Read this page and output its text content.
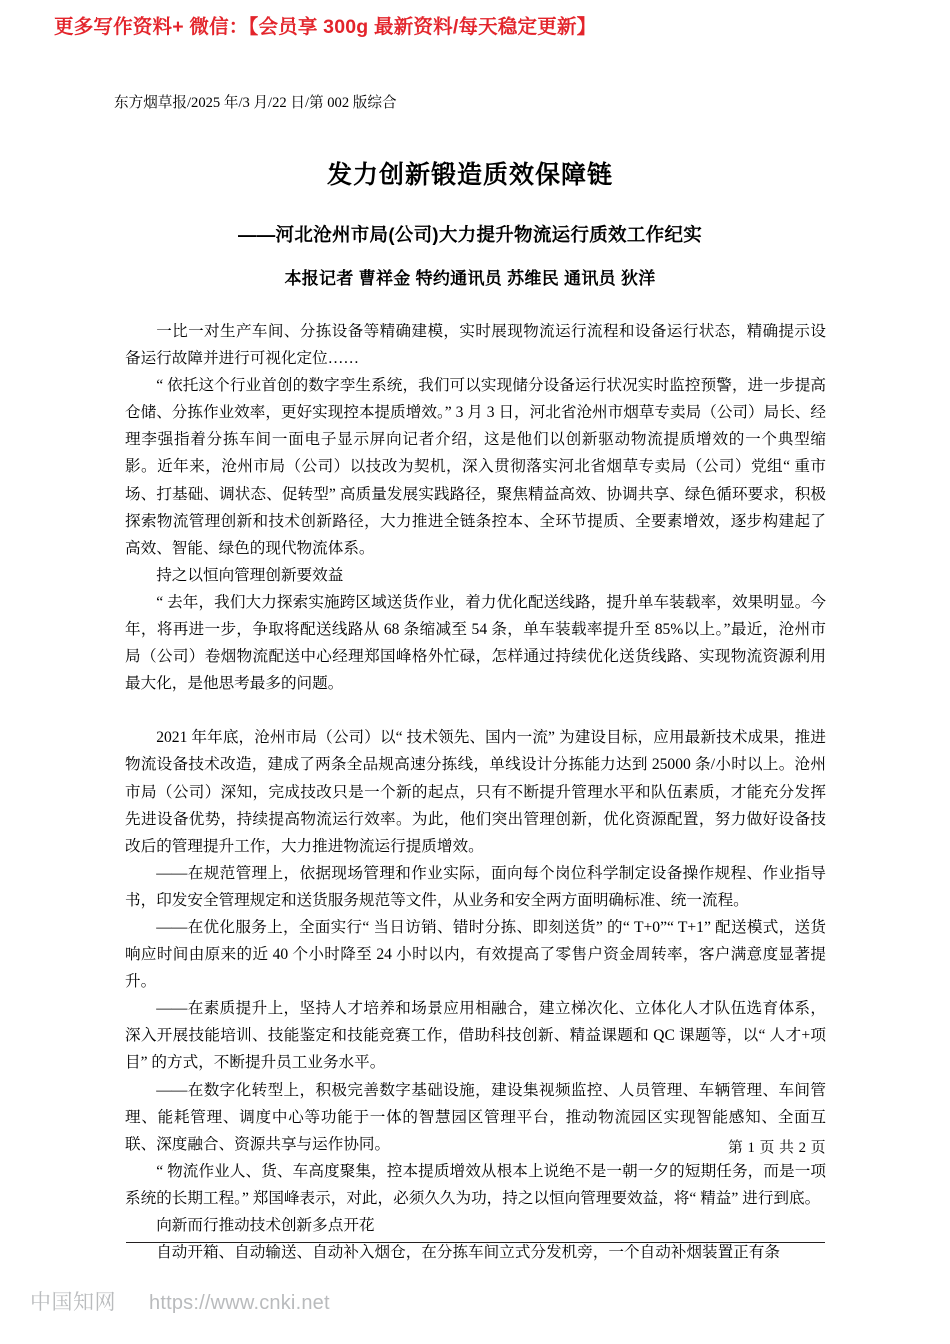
更多写作资料+ 微信：【会员享 300g 最新资料/每天稳定更新】
东方烟草报/2025 年/3 月/22 日/第 002 版综合
发力创新锻造质效保障链
——河北沧州市局(公司)大力提升物流运行质效工作纪实
本报记者 曹祥金 特约通讯员 苏维民 通讯员 狄洋

一比一对生产车间、分拣设备等精确建模，实时展现物流运行流程和设备运行状态，精确提示设备运行故障并进行可视化定位……

“ 依托这个行业首创的数字孪生系统，我们可以实现储分设备运行状况实时监控预警，进一步提高仓储、分拣作业效率，更好实现控本提质增效。” 3 月 3 日，河北省沧州市烟草专卖局（公司）局长、经理李强指着分拣车间一面电子显示屏向记者介绍，这是他们以创新驱动物流提质增效的一个典型缩影。近年来，沧州市局（公司）以技改为契机，深入贯彻落实河北省烟草专卖局（公司）党组“ 重市场、打基础、调状态、促转型” 高质量发展实践路径，聚焦精益高效、协调共享、绿色循环要求，积极探索物流管理创新和技术创新路径，大力推进全链条控本、全环节提质、全要素增效，逐步构建起了高效、智能、绿色的现代物流体系。

持之以恒向管理创新要效益

“ 去年，我们大力探索实施跨区域送货作业，着力优化配送线路，提升单车装载率，效果明显。今年，将再进一步，争取将配送线路从 68 条缩减至 54 条，单车装载率提升至 85%以上。”最近，沧州市局（公司）卷烟物流配送中心经理郑国峰格外忙碌，怎样通过持续优化送货线路、实现物流资源利用最大化，是他思考最多的问题。

2021 年年底，沧州市局（公司）以“ 技术领先、国内一流” 为建设目标，应用最新技术成果，推进物流设备技术改造，建成了两条全品规高速分拣线，单线设计分拣能力达到 25000 条/小时以上。沧州市局（公司）深知，完成技改只是一个新的起点，只有不断提升管理水平和队伍素质，才能充分发挥先进设备优势，持续提高物流运行效率。为此，他们突出管理创新，优化资源配置，努力做好设备技改后的管理提升工作，大力推进物流运行提质增效。

——在规范管理上，依据现场管理和作业实际，面向每个岗位科学制定设备操作规程、作业指导书，印发安全管理规定和送货服务规范等文件，从业务和安全两方面明确标准、统一流程。

——在优化服务上，全面实行“ 当日访销、错时分拣、即刻送货” 的“ T+0”“ T+1” 配送模式，送货响应时间由原来的近 40 个小时降至 24 小时以内，有效提高了零售户资金周转率，客户满意度显著提升。

——在素质提升上，坚持人才培养和场景应用相融合，建立梯次化、立体化人才队伍选育体系，深入开展技能培训、技能鉴定和技能竞赛工作，借助科技创新、精益课题和 QC 课题等，以“ 人才+项目” 的方式，不断提升员工业务水平。

——在数字化转型上，积极完善数字基础设施，建设集视频监控、人员管理、车辆管理、车间管理、能耗管理、调度中心等功能于一体的智慧园区管理平台，推动物流园区实现智能感知、全面互联、深度融合、资源共享与运作协同。

“ 物流作业人、货、车高度聚集，控本提质增效从根本上说绝不是一朝一夕的短期任务，而是一项系统的长期工程。” 郑国峰表示，对此，必须久久为功，持之以恒向管理要效益，将“ 精益” 进行到底。

向新而行推动技术创新多点开花

自动开箱、自动输送、自动补入烟仓，在分拣车间立式分发机旁，一个自动补烟装置正有条

第 1 页 共 2 页
中国知网 https://www.cnki.net
